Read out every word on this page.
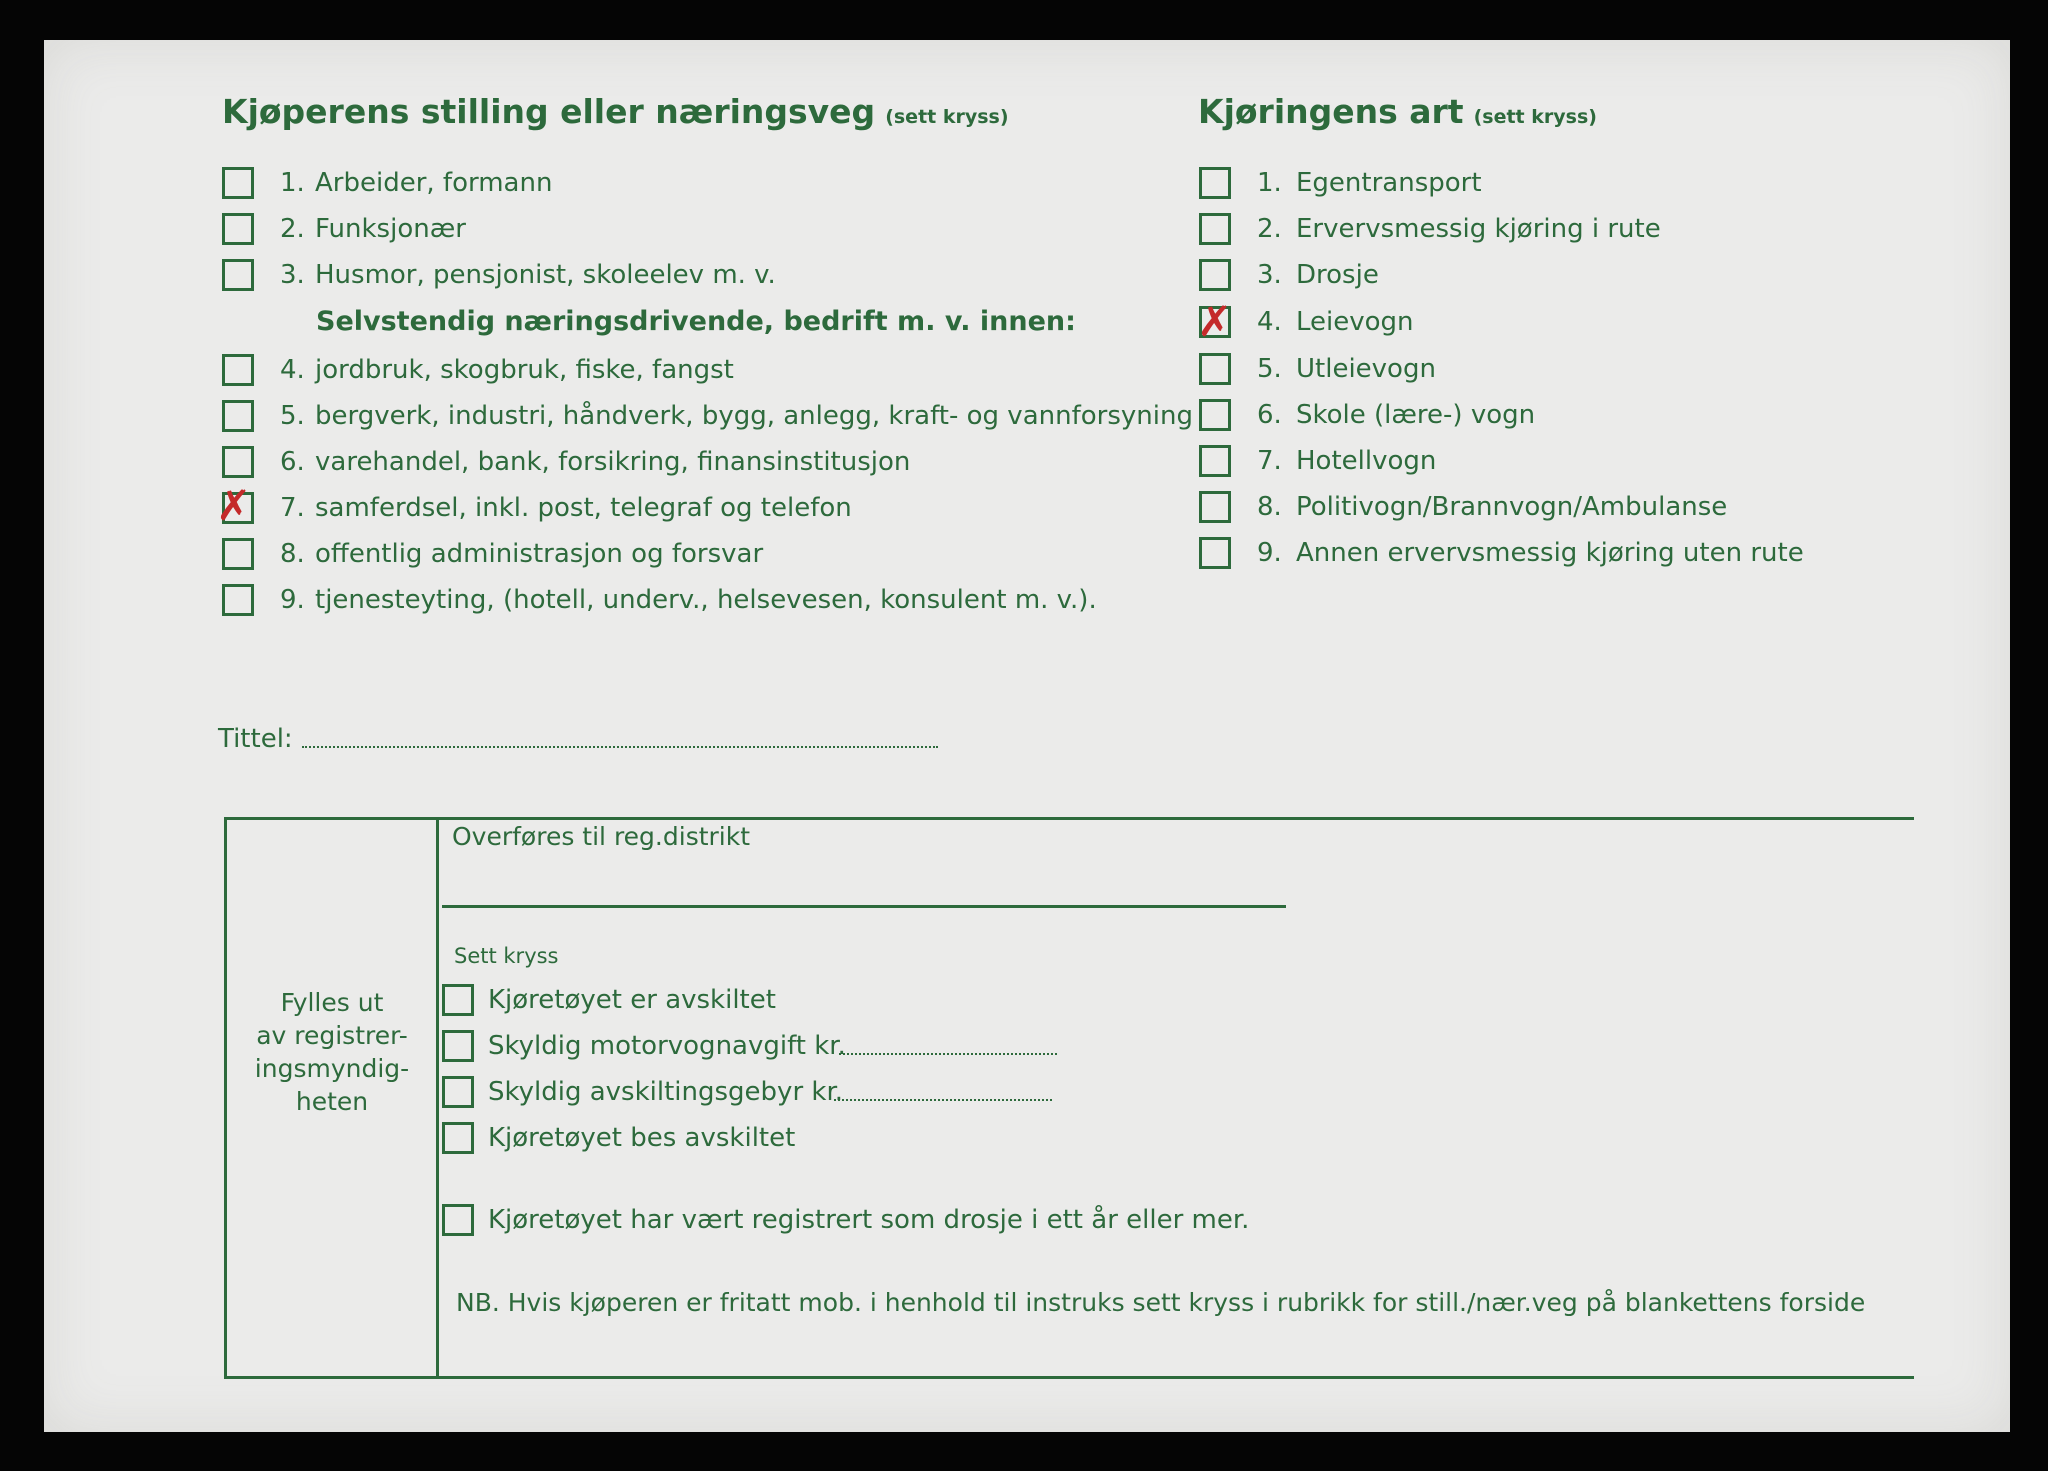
Kjøperens stilling eller næringsveg (sett kryss)	Kjøringens art (sett kryss)
1. Arbeider, formann
2. Funksjonær
3. Husmor, pensjonist, skoleelev m. v.
Selvstendig næringsdrivende, bedrift m. v. innen:
4. jordbruk, skogbruk, fiske, fangst
5. bergverk, industri, håndverk, bygg, anlegg, kraft- og vannforsyning
6. varehandel, bank, forsikring, finansinstitusjon
✗ 7. samferdsel, inkl. post, telegraf og telefon
8. offentlig administrasjon og forsvar
9. tjenesteyting, (hotell, underv., helsevesen, konsulent m. v.).
1. Egentransport
2. Ervervsmessig kjøring i rute
3. Drosje
✗ 4. Leievogn
5. Utleievogn
6. Skole (lære-) vogn
7. Hotellvogn
8. Politivogn/Brannvogn/Ambulanse
9. Annen ervervsmessig kjøring uten rute
Tittel:
Fylles ut
av registrer-
ingsmyndig-
heten
Overføres til reg.distrikt
Sett kryss
Kjøretøyet er avskiltet
Skyldig motorvognavgift kr.
Skyldig avskiltingsgebyr kr.
Kjøretøyet bes avskiltet
Kjøretøyet har vært registrert som drosje i ett år eller mer.
NB. Hvis kjøperen er fritatt mob. i henhold til instruks sett kryss i rubrikk for still./nær.veg på blankettens forside
